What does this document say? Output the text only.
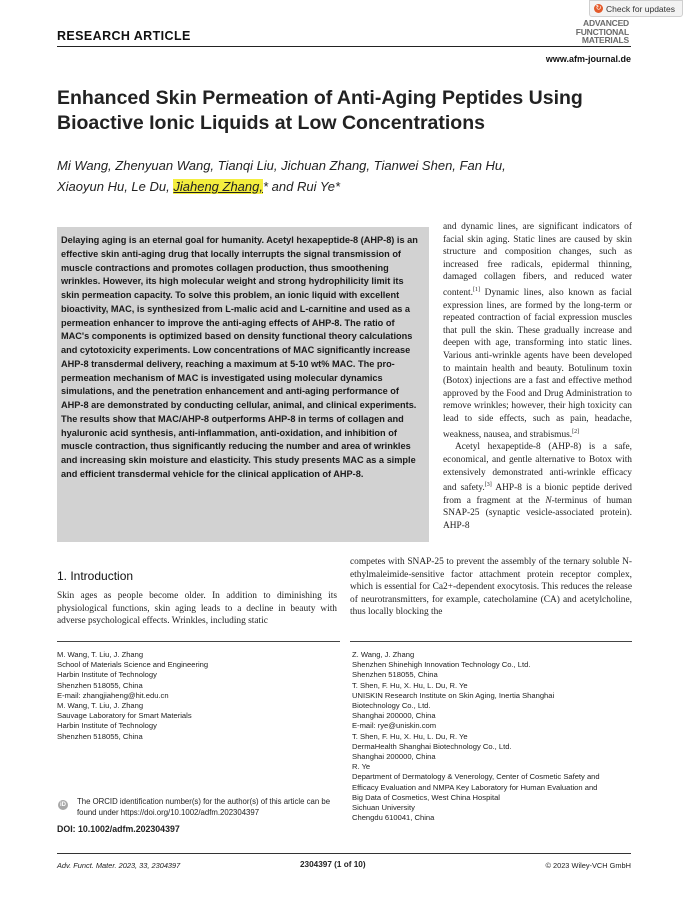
↻ Check for updates
RESEARCH ARTICLE
ADVANCED
FUNCTIONAL
MATERIALS
www.afm-journal.de
Enhanced Skin Permeation of Anti-Aging Peptides Using
Bioactive Ionic Liquids at Low Concentrations
Mi Wang, Zhenyuan Wang, Tianqi Liu, Jichuan Zhang, Tianwei Shen, Fan Hu,
Xiaoyun Hu, Le Du, Jiaheng Zhang,* and Rui Ye*

Delaying aging is an eternal goal for humanity. Acetyl hexapeptide-8 (AHP-8) is an effective skin anti-aging drug that locally interrupts the signal transmission of muscle contractions and promotes collagen production, thus smoothening wrinkles. However, its high molecular weight and strong hydrophilicity limit its skin permeation capacity. To solve this problem, an ionic liquid with excellent bioactivity, MAC, is synthesized from L-malic acid and L-carnitine and used as a permeation enhancer to improve the anti-aging effects of AHP-8. The ratio of MAC's components is optimized based on density functional theory calculations and cytotoxicity experiments. Low concentrations of MAC significantly increase AHP-8 transdermal delivery, reaching a maximum at 5-10 wt% MAC. The pro-permeation mechanism of MAC is investigated using molecular dynamics simulations, and the penetration enhancement and anti-aging performance of AHP-8 are demonstrated by conducting cellular, animal, and clinical experiments. The results show that MAC/AHP-8 outperforms AHP-8 in terms of collagen and hyaluronic acid synthesis, anti-inflammation, anti-oxidation, and inhibition of muscle contraction, thus significantly reducing the number and area of wrinkles and increasing skin moisture and elasticity. This study presents MAC as a simple and efficient transdermal vehicle for the clinical application of AHP-8.

and dynamic lines, are significant indicators of facial skin aging. Static lines are caused by skin structure and composition changes, such as increased free radicals, epidermal thinning, damaged collagen fibers, and reduced water content.[1] Dynamic lines, also known as facial expression lines, are formed by the long-term or repeated contraction of facial expression muscles that pull the skin. These gradually increase and deepen with age, transforming into static lines. Various anti-wrinkle agents have been developed to maintain health and beauty. Botulinum toxin (Botox) injections are a fast and effective method approved by the Food and Drug Administration to remove wrinkles; however, their high toxicity can lead to side effects, such as pain, headache, weakness, nausea, and strabismus.[2]

Acetyl hexapeptide-8 (AHP-8) is a safe, economical, and gentle alternative to Botox with extensively demonstrated anti-wrinkle efficacy and safety.[3] AHP-8 is a bionic peptide derived from a fragment at the N-terminus of human SNAP-25 (synaptic vesicle-associated protein). AHP-8

competes with SNAP-25 to prevent the assembly of the ternary soluble N-ethylmaleimide-sensitive factor attachment protein receptor complex, which is essential for Ca2+-dependent exocytosis. This reduces the release of neurotransmitters, for example, catecholamine (CA) and acetylcholine, thus locally blocking the

1. Introduction

Skin ages as people become older. In addition to diminishing its physiological functions, skin aging leads to a decline in beauty with adverse psychological effects. Wrinkles, including static

M. Wang, T. Liu, J. Zhang
School of Materials Science and Engineering
Harbin Institute of Technology
Shenzhen 518055, China
E-mail: zhangjiaheng@hit.edu.cn
M. Wang, T. Liu, J. Zhang
Sauvage Laboratory for Smart Materials
Harbin Institute of Technology
Shenzhen 518055, China
Z. Wang, J. Zhang
Shenzhen Shinehigh Innovation Technology Co., Ltd.
Shenzhen 518055, China
T. Shen, F. Hu, X. Hu, L. Du, R. Ye
UNISKIN Research Institute on Skin Aging, Inertia Shanghai
Biotechnology Co., Ltd.
Shanghai 200000, China
E-mail: rye@uniskin.com
T. Shen, F. Hu, X. Hu, L. Du, R. Ye
DermaHealth Shanghai Biotechnology Co., Ltd.
Shanghai 200000, China
R. Ye
Department of Dermatology & Venerology, Center of Cosmetic Safety and
Efficacy Evaluation and NMPA Key Laboratory for Human Evaluation and
Big Data of Cosmetics, West China Hospital
Sichuan University
Chengdu 610041, China
iD	The ORCID identification number(s) for the author(s) of this article can be found under https://doi.org/10.1002/adfm.202304397
DOI: 10.1002/adfm.202304397
Adv. Funct. Mater. 2023, 33, 2304397	2304397 (1 of 10)	© 2023 Wiley-VCH GmbH
